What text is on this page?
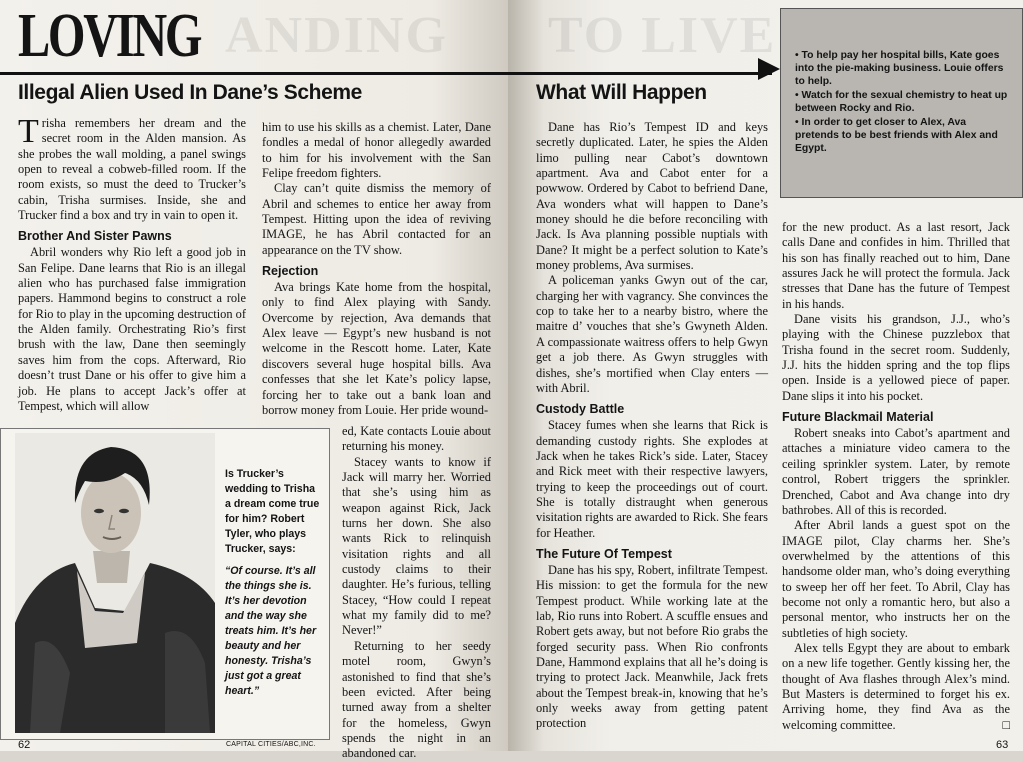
ANDING
LOVING
Illegal Alien Used In Dane’s Scheme

Trisha remembers her dream and the secret room in the Alden mansion. As she probes the wall molding, a panel swings open to reveal a cobweb-filled room. If the room exists, so must the deed to Trucker’s cabin, Trisha surmises. Inside, she and Trucker find a box and try in vain to open it.

Brother And Sister Pawns

Abril wonders why Rio left a good job in San Felipe. Dane learns that Rio is an illegal alien who has purchased false immigration papers. Hammond begins to construct a role for Rio to play in the upcoming destruction of the Alden family. Orchestrating Rio’s first brush with the law, Dane then seemingly saves him from the cops. Afterward, Rio doesn’t trust Dane or his offer to give him a job. He plans to accept Jack’s offer at Tempest, which will allow

him to use his skills as a chemist. Later, Dane fondles a medal of honor allegedly awarded to him for his involvement with the San Felipe freedom fighters.

Clay can’t quite dismiss the memory of Abril and schemes to entice her away from Tempest. Hitting upon the idea of reviving IMAGE, he has Abril contacted for an appearance on the TV show.

Rejection

Ava brings Kate home from the hospital, only to find Alex playing with Sandy. Overcome by rejection, Ava demands that Alex leave — Egypt’s new husband is not welcome in the Rescott home. Later, Kate discovers several huge hospital bills. Ava confesses that she let Kate’s policy lapse, forcing her to take out a bank loan and borrow money from Louie. Her pride wound-

ed, Kate contacts Louie about returning his money.

Stacey wants to know if Jack will marry her. Worried that she’s using him as weapon against Rick, Jack turns her down. She also wants Rick to relinquish visitation rights and all custody claims to their daughter. He’s furious, telling Stacey, “How could I repeat what my family did to me? Never!”

Returning to her seedy motel room, Gwyn’s astonished to find that she’s been evicted. After being turned away from a shelter for the homeless, Gwyn spends the night in an abandoned car.

Is Trucker’s wedding to Trisha a dream come true for him? Robert Tyler, who plays Trucker, says:
“Of course. It’s all the things she is. It’s her devotion and the way she treats him. It’s her beauty and her honesty. Trisha’s just got a great heart.”
62	CAPITAL CITIES/ABC,INC.
TO LIVE
What Will Happen
• To help pay her hospital bills, Kate goes into the pie-making business. Louie offers to help.
• Watch for the sexual chemistry to heat up between Rocky and Rio.
• In order to get closer to Alex, Ava pretends to be best friends with Alex and Egypt.

Dane has Rio’s Tempest ID and keys secretly duplicated. Later, he spies the Alden limo pulling near Cabot’s downtown apartment. Ava and Cabot enter for a powwow. Ordered by Cabot to befriend Dane, Ava wonders what will happen to Dane’s money should he die before reconciling with Jack. Is Ava planning possible nuptials with Dane? It might be a perfect solution to Kate’s money problems, Ava surmises.

A policeman yanks Gwyn out of the car, charging her with vagrancy. She convinces the cop to take her to a nearby bistro, where the maitre d’ vouches that she’s Gwyneth Alden. A compassionate waitress offers to help Gwyn get a job there. As Gwyn struggles with dishes, she’s mortified when Clay enters — with Abril.

Custody Battle

Stacey fumes when she learns that Rick is demanding custody rights. She explodes at Jack when he takes Rick’s side. Later, Stacey and Rick meet with their respective lawyers, trying to keep the proceedings out of court. She is totally distraught when generous visitation rights are awarded to Rick. She fears for Heather.

The Future Of Tempest

Dane has his spy, Robert, infiltrate Tempest. His mission: to get the formula for the new Tempest product. While working late at the lab, Rio runs into Robert. A scuffle ensues and Robert gets away, but not before Rio grabs the forged security pass. When Rio confronts Dane, Hammond explains that all he’s doing is trying to protect Jack. Meanwhile, Jack frets about the Tempest break-in, knowing that he’s only weeks away from getting patent protection

for the new product. As a last resort, Jack calls Dane and confides in him. Thrilled that his son has finally reached out to him, Dane assures Jack he will protect the formula. Jack stresses that Dane has the future of Tempest in his hands.

Dane visits his grandson, J.J., who’s playing with the Chinese puzzlebox that Trisha found in the secret room. Suddenly, J.J. hits the hidden spring and the top flips open. Inside is a yellowed piece of paper. Dane slips it into his pocket.

Future Blackmail Material

Robert sneaks into Cabot’s apartment and attaches a miniature video camera to the ceiling sprinkler system. Later, by remote control, Robert triggers the sprinkler. Drenched, Cabot and Ava change into dry bathrobes. All of this is recorded.

After Abril lands a guest spot on the IMAGE pilot, Clay charms her. She’s overwhelmed by the attentions of this handsome older man, who’s doing everything to sweep her off her feet. To Abril, Clay has become not only a romantic hero, but also a personal mentor, who instructs her on the subtleties of high society.

Alex tells Egypt they are about to embark on a new life together. Gently kissing her, the thought of Ava flashes through Alex’s mind. But Masters is determined to forget his ex. Arriving home, they find Ava as the welcoming committee.	□

63
